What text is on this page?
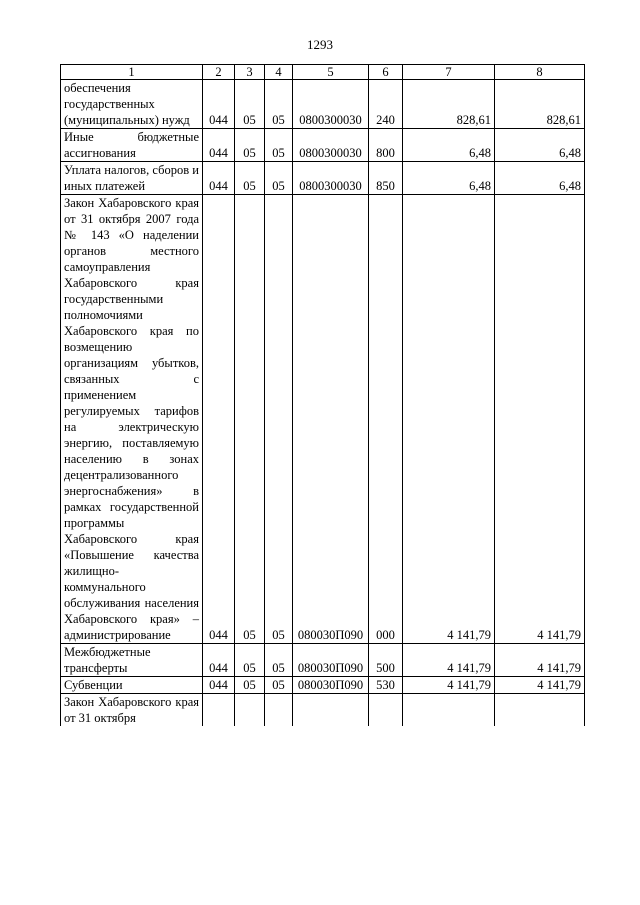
1293
1	2	3	4	5	6	7	8
обеспечения государственных (муниципальных) нужд	044	05	05	0800300030	240	828,61	828,61
Иные бюджетные ассигнования	044	05	05	0800300030	800	6,48	6,48
Уплата налогов, сборов и иных платежей	044	05	05	0800300030	850	6,48	6,48
Закон Хабаровского края от 31 октября 2007 года № 143 «О наделении органов местного самоуправления Хабаровского края государственными полномочиями Хабаровского края по возмещению организациям убытков, связанных с применением регулируемых тарифов на электрическую энергию, поставляемую населению в зонах децентрализованного энергоснабжения» в рамках государственной программы Хабаровского края «Повышение качества жилищно-коммунального обслуживания населения Хабаровского края» – администрирование	044	05	05	080030П090	000	4 141,79	4 141,79
Межбюджетные трансферты	044	05	05	080030П090	500	4 141,79	4 141,79
Субвенции	044	05	05	080030П090	530	4 141,79	4 141,79
Закон Хабаровского края от 31 октября							
